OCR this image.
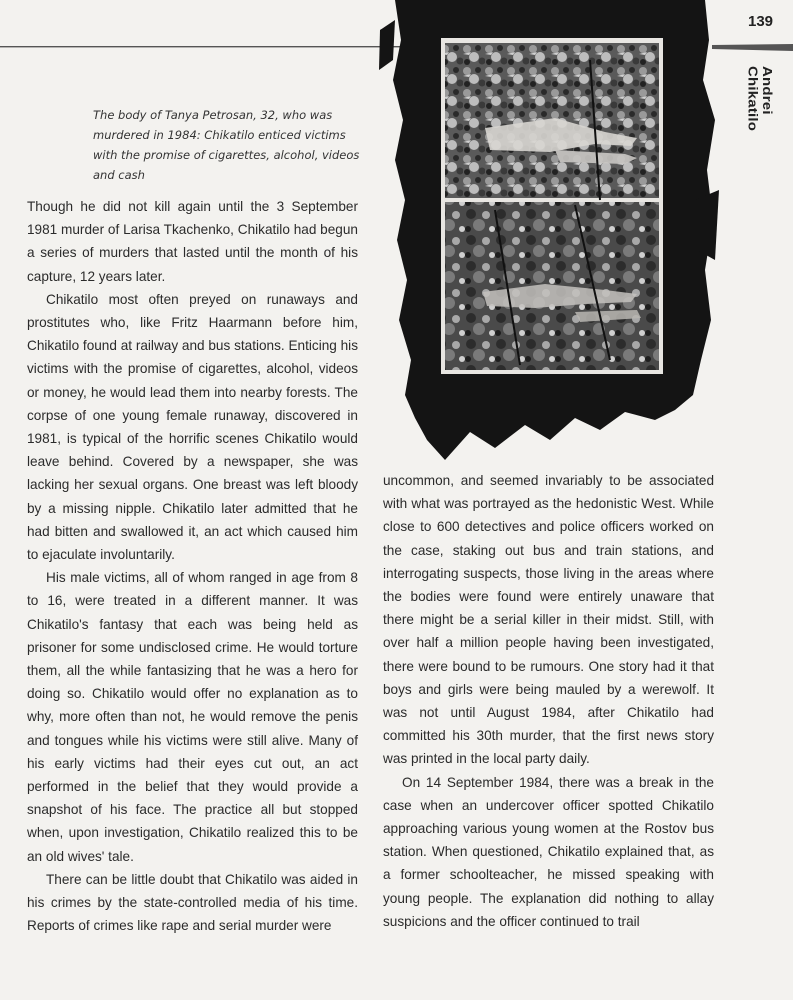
139
Andrei Chikatilo
The body of Tanya Petrosan, 32, who was murdered in 1984: Chikatilo enticed victims with the promise of cigarettes, alcohol, videos and cash

Though he did not kill again until the 3 September 1981 murder of Larisa Tkachenko, Chikatilo had begun a series of murders that lasted until the month of his capture, 12 years later.

Chikatilo most often preyed on runaways and prostitutes who, like Fritz Haarmann before him, Chikatilo found at railway and bus stations. Enticing his victims with the promise of cigarettes, alcohol, videos or money, he would lead them into nearby forests. The corpse of one young female runaway, discovered in 1981, is typical of the horrific scenes Chikatilo would leave behind. Covered by a newspaper, she was lacking her sexual organs. One breast was left bloody by a missing nipple. Chikatilo later admitted that he had bitten and swallowed it, an act which caused him to ejaculate involuntarily.

His male victims, all of whom ranged in age from 8 to 16, were treated in a different manner. It was Chikatilo's fantasy that each was being held as prisoner for some undisclosed crime. He would torture them, all the while fantasizing that he was a hero for doing so. Chikatilo would offer no explanation as to why, more often than not, he would remove the penis and tongues while his victims were still alive. Many of his early victims had their eyes cut out, an act performed in the belief that they would provide a snapshot of his face. The practice all but stopped when, upon investigation, Chikatilo realized this to be an old wives' tale.

There can be little doubt that Chikatilo was aided in his crimes by the state-controlled media of his time. Reports of crimes like rape and serial murder were

uncommon, and seemed invariably to be associated with what was portrayed as the hedonistic West. While close to 600 detectives and police officers worked on the case, staking out bus and train stations, and interrogating suspects, those living in the areas where the bodies were found were entirely unaware that there might be a serial killer in their midst. Still, with over half a million people having been investigated, there were bound to be rumours. One story had it that boys and girls were being mauled by a werewolf. It was not until August 1984, after Chikatilo had committed his 30th murder, that the first news story was printed in the local party daily.

On 14 September 1984, there was a break in the case when an undercover officer spotted Chikatilo approaching various young women at the Rostov bus station. When questioned, Chikatilo explained that, as a former schoolteacher, he missed speaking with young people. The explanation did nothing to allay suspicions and the officer continued to trail
